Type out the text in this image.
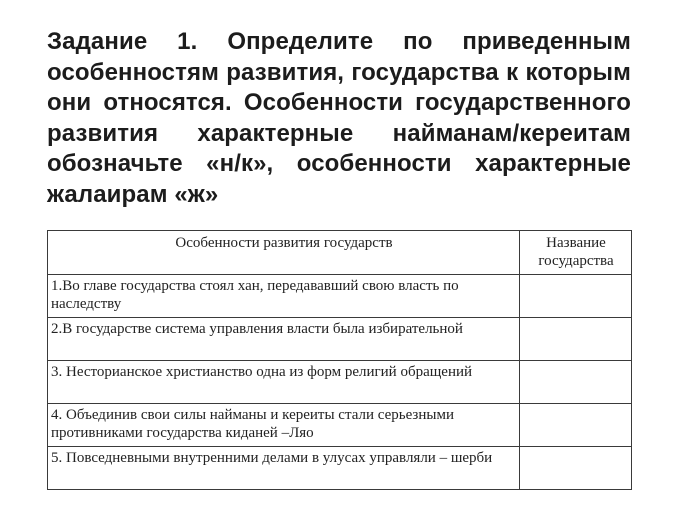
Задание 1. Определите по приведенным особенностям развития, государства к которым они относятся. Особенности государственного развития характерные найманам/кереитам обозначьте «н/к», особенности характерные жалаирам «ж»
Особенности развития государств	Название государства
1.Во главе государства стоял хан, передававший свою власть по наследству	
2.В государстве система управления власти была избирательной	
3. Несторианское христианство одна из форм религий обращений	
4. Объединив свои силы найманы и кереиты стали серьезными противниками государства киданей –Ляо	
5. Повседневными внутренними делами в улусах управляли – шерби	
